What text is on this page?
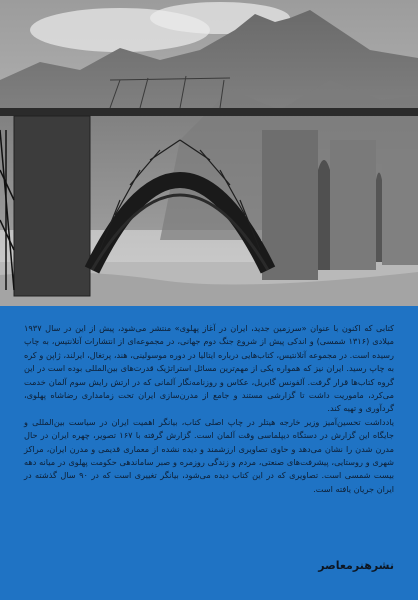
کتابی که اکنون با عنوان «سرزمین جدید، ایران در آغاز پهلوی» منتشر می‌شود، پیش از این در سال ۱۹۳۷ میلادی (۱۳۱۶ شمسی) و اندکی پیش از شروع جنگ دوم جهانی، در مجموعه‌ای از انتشارات آتلانتیس، به چاپ رسیده است. در مجموعه آتلانتیس، کتاب‌هایی درباره ایتالیا در دوره موسولینی، هند، پرتغال، ایرلند، ژاپن و کره به چاپ رسید. ایران نیز که همواره یکی از مهم‌ترین مسائل استراتژیک قدرت‌های بین‌المللی بوده است در این گروه کتاب‌ها قرار گرفت. آلفونس گابریل، عکاس و روزنامه‌نگار آلمانی که در ارتش رایش سوم آلمان خدمت می‌کرد، ماموریت داشت تا گزارشی مستند و جامع از مدرن‌سازی ایران تحت زمامداری رضاشاه پهلوی، گردآوری و تهیه کند.

یادداشت تحسین‌آمیز وزیر خارجه هیتلر در چاپ اصلی کتاب، بیانگر اهمیت ایران در سیاست بین‌المللی و جایگاه این گزارش در دستگاه دیپلماسی وقت آلمان است. گزارش گرفته با ۱۶۷ تصویر، چهره ایران در حال مدرن شدن را نشان می‌دهد و حاوی تصاویری ارزشمند و دیده نشده از معماری قدیمی و مدرن ایران، مراکز شهری و روستایی، پیشرفت‌های صنعتی، مردم و زندگی روزمره و صبر ساماندهی حکومت پهلوی در میانه دهه بیست شمسی است. تصاویری که در این کتاب دیده می‌شود، بیانگر تغییری است که در ۹۰ سال گذشته در ایران جریان یافته است.

نشرهنرمعاصر
